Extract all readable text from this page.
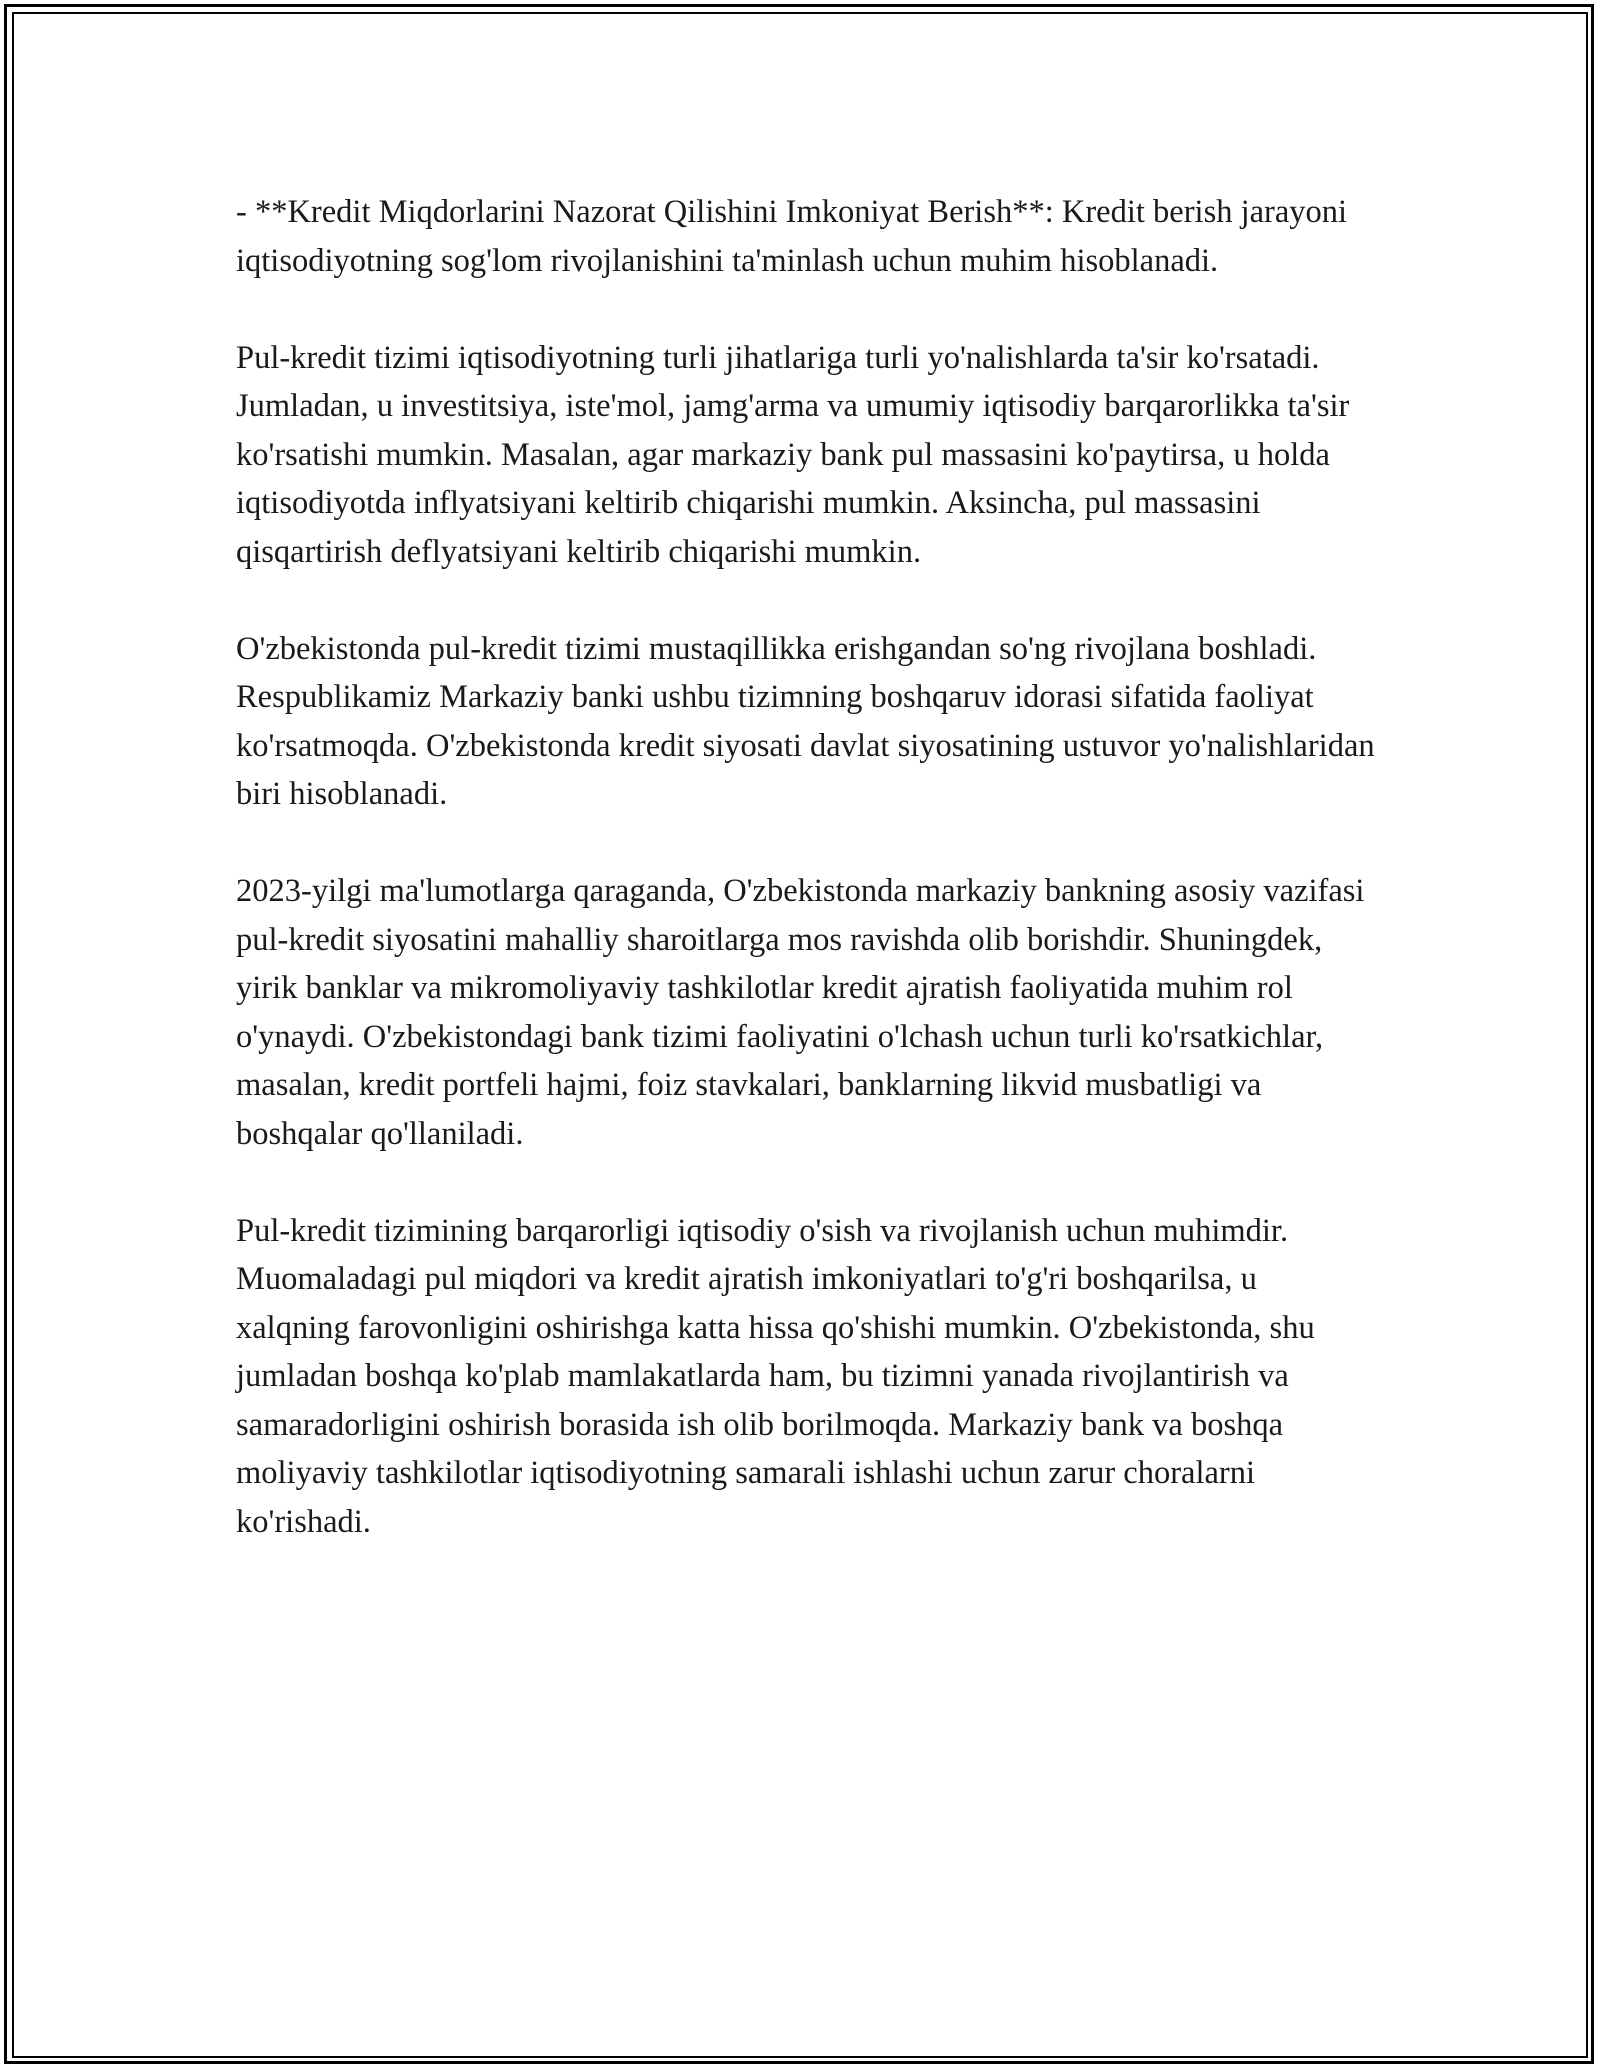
- **Kredit Miqdorlarini Nazorat Qilishini Imkoniyat Berish**: Kredit berish jarayoni iqtisodiyotning sog'lom rivojlanishini ta'minlash uchun muhim hisoblanadi.

Pul-kredit tizimi iqtisodiyotning turli jihatlariga turli yo'nalishlarda ta'sir ko'rsatadi. Jumladan, u investitsiya, iste'mol, jamg'arma va umumiy iqtisodiy barqarorlikka ta'sir ko'rsatishi mumkin. Masalan, agar markaziy bank pul massasini ko'paytirsa, u holda iqtisodiyotda inflyatsiyani keltirib chiqarishi mumkin. Aksincha, pul massasini qisqartirish deflyatsiyani keltirib chiqarishi mumkin.

O'zbekistonda pul-kredit tizimi mustaqillikka erishgandan so'ng rivojlana boshladi. Respublikamiz Markaziy banki ushbu tizimning boshqaruv idorasi sifatida faoliyat ko'rsatmoqda. O'zbekistonda kredit siyosati davlat siyosatining ustuvor yo'nalishlaridan biri hisoblanadi.

2023-yilgi ma'lumotlarga qaraganda, O'zbekistonda markaziy bankning asosiy vazifasi pul-kredit siyosatini mahalliy sharoitlarga mos ravishda olib borishdir. Shuningdek, yirik banklar va mikromoliyaviy tashkilotlar kredit ajratish faoliyatida muhim rol o'ynaydi. O'zbekistondagi bank tizimi faoliyatini o'lchash uchun turli ko'rsatkichlar, masalan, kredit portfeli hajmi, foiz stavkalari, banklarning likvid musbatligi va boshqalar qo'llaniladi.

Pul-kredit tizimining barqarorligi iqtisodiy o'sish va rivojlanish uchun muhimdir. Muomaladagi pul miqdori va kredit ajratish imkoniyatlari to'g'ri boshqarilsa, u xalqning farovonligini oshirishga katta hissa qo'shishi mumkin. O'zbekistonda, shu jumladan boshqa ko'plab mamlakatlarda ham, bu tizimni yanada rivojlantirish va samaradorligini oshirish borasida ish olib borilmoqda. Markaziy bank va boshqa moliyaviy tashkilotlar iqtisodiyotning samarali ishlashi uchun zarur choralarni ko'rishadi.
